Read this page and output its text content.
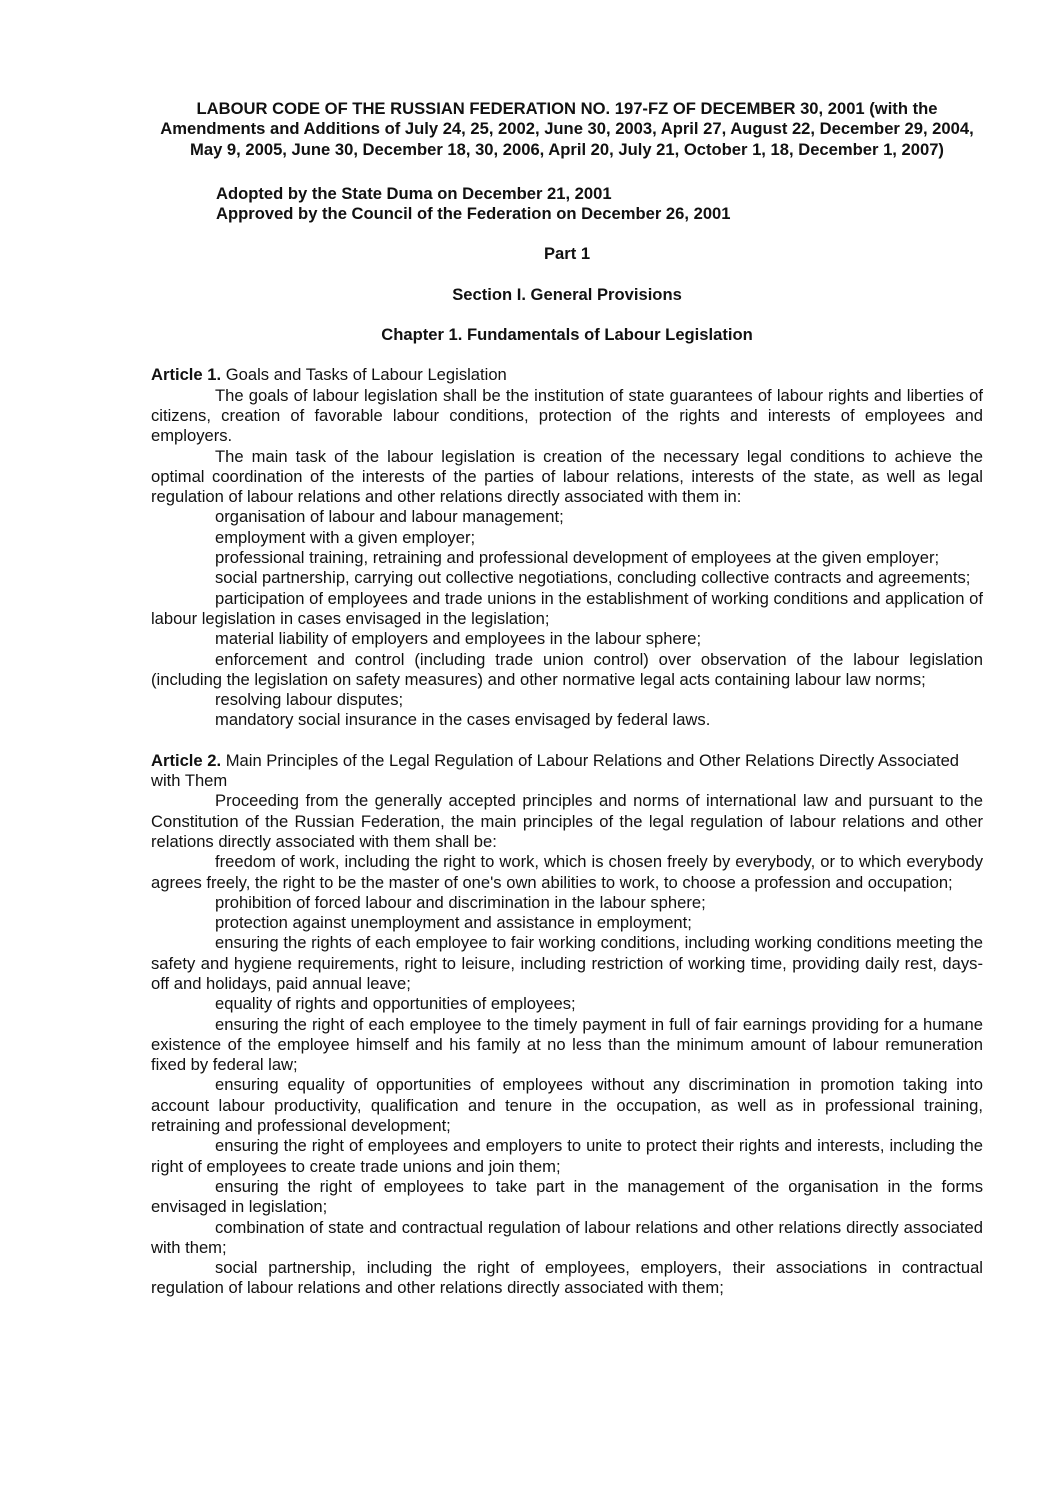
LABOUR CODE OF THE RUSSIAN FEDERATION NO. 197-FZ OF DECEMBER 30, 2001 (with the Amendments and Additions of July 24, 25, 2002, June 30, 2003, April 27, August 22, December 29, 2004, May 9, 2005, June 30, December 18, 30, 2006, April 20, July 21, October 1, 18, December 1, 2007)

Adopted by the State Duma on December 21, 2001
Approved by the Council of the Federation on December 26, 2001

Part 1

Section I. General Provisions

Chapter 1. Fundamentals of Labour Legislation

Article 1. Goals and Tasks of Labour Legislation

The goals of labour legislation shall be the institution of state guarantees of labour rights and liberties of citizens, creation of favorable labour conditions, protection of the rights and interests of employees and employers.

The main task of the labour legislation is creation of the necessary legal conditions to achieve the optimal coordination of the interests of the parties of labour relations, interests of the state, as well as legal regulation of labour relations and other relations directly associated with them in:

organisation of labour and labour management;

employment with a given employer;

professional training, retraining and professional development of employees at the given employer;

social partnership, carrying out collective negotiations, concluding collective contracts and agreements;

participation of employees and trade unions in the establishment of working conditions and application of labour legislation in cases envisaged in the legislation;

material liability of employers and employees in the labour sphere;

enforcement and control (including trade union control) over observation of the labour legislation (including the legislation on safety measures) and other normative legal acts containing labour law norms;

resolving labour disputes;

mandatory social insurance in the cases envisaged by federal laws.

Article 2. Main Principles of the Legal Regulation of Labour Relations and Other Relations Directly Associated with Them

Proceeding from the generally accepted principles and norms of international law and pursuant to the Constitution of the Russian Federation, the main principles of the legal regulation of labour relations and other relations directly associated with them shall be:

freedom of work, including the right to work, which is chosen freely by everybody, or to which everybody agrees freely, the right to be the master of one's own abilities to work, to choose a profession and occupation;

prohibition of forced labour and discrimination in the labour sphere;

protection against unemployment and assistance in employment;

ensuring the rights of each employee to fair working conditions, including working conditions meeting the safety and hygiene requirements, right to leisure, including restriction of working time, providing daily rest, days-off and holidays, paid annual leave;

equality of rights and opportunities of employees;

ensuring the right of each employee to the timely payment in full of fair earnings providing for a humane existence of the employee himself and his family at no less than the minimum amount of labour remuneration fixed by federal law;

ensuring equality of opportunities of employees without any discrimination in promotion taking into account labour productivity, qualification and tenure in the occupation, as well as in professional training, retraining and professional development;

ensuring the right of employees and employers to unite to protect their rights and interests, including the right of employees to create trade unions and join them;

ensuring the right of employees to take part in the management of the organisation in the forms envisaged in legislation;

combination of state and contractual regulation of labour relations and other relations directly associated with them;

social partnership, including the right of employees, employers, their associations in contractual regulation of labour relations and other relations directly associated with them;
